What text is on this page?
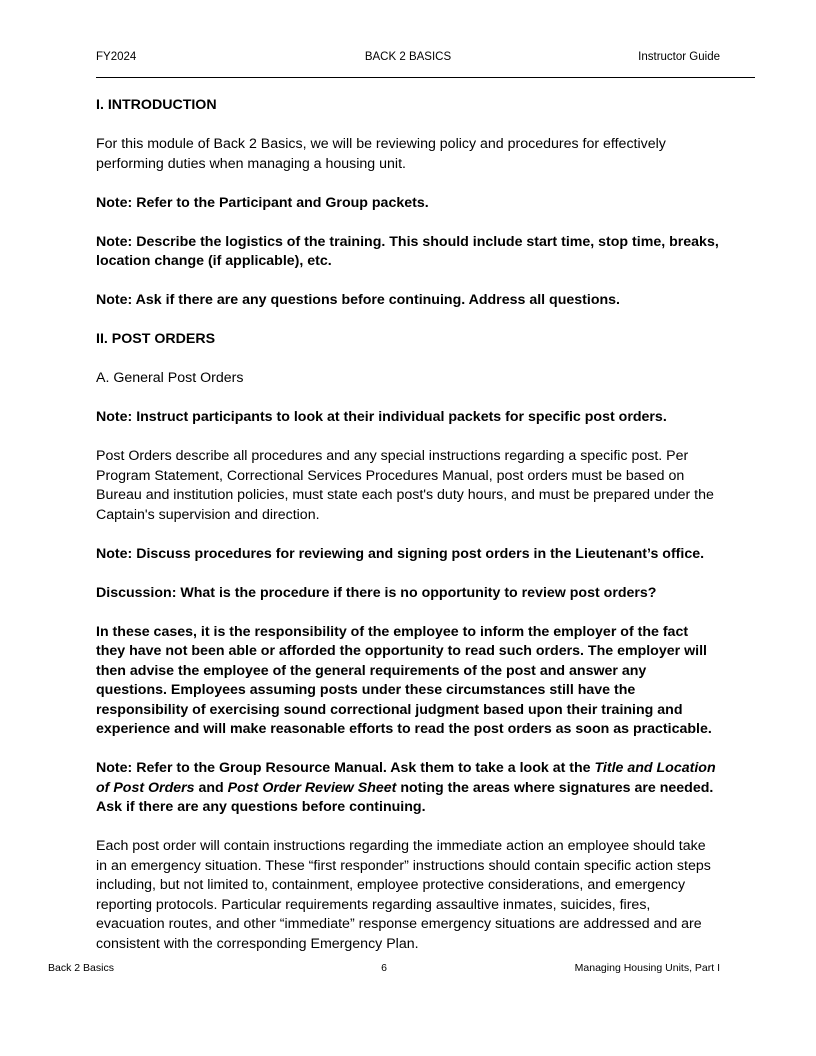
FY2024	BACK 2 BASICS	Instructor Guide

I. INTRODUCTION

For this module of Back 2 Basics, we will be reviewing policy and procedures for effectively performing duties when managing a housing unit.

Note: Refer to the Participant and Group packets.

Note: Describe the logistics of the training. This should include start time, stop time, breaks, location change (if applicable), etc.

Note: Ask if there are any questions before continuing. Address all questions.

II. POST ORDERS

A. General Post Orders

Note: Instruct participants to look at their individual packets for specific post orders.

Post Orders describe all procedures and any special instructions regarding a specific post. Per Program Statement, Correctional Services Procedures Manual, post orders must be based on Bureau and institution policies, must state each post's duty hours, and must be prepared under the Captain's supervision and direction.

Note: Discuss procedures for reviewing and signing post orders in the Lieutenant’s office.

Discussion: What is the procedure if there is no opportunity to review post orders?

In these cases, it is the responsibility of the employee to inform the employer of the fact they have not been able or afforded the opportunity to read such orders. The employer will then advise the employee of the general requirements of the post and answer any questions. Employees assuming posts under these circumstances still have the responsibility of exercising sound correctional judgment based upon their training and experience and will make reasonable efforts to read the post orders as soon as practicable.

Note: Refer to the Group Resource Manual. Ask them to take a look at the Title and Location of Post Orders and Post Order Review Sheet noting the areas where signatures are needed. Ask if there are any questions before continuing.

Each post order will contain instructions regarding the immediate action an employee should take in an emergency situation. These “first responder” instructions should contain specific action steps including, but not limited to, containment, employee protective considerations, and emergency reporting protocols. Particular requirements regarding assaultive inmates, suicides, fires, evacuation routes, and other “immediate” response emergency situations are addressed and are consistent with the corresponding Emergency Plan.

Back 2 Basics	6	Managing Housing Units, Part I
